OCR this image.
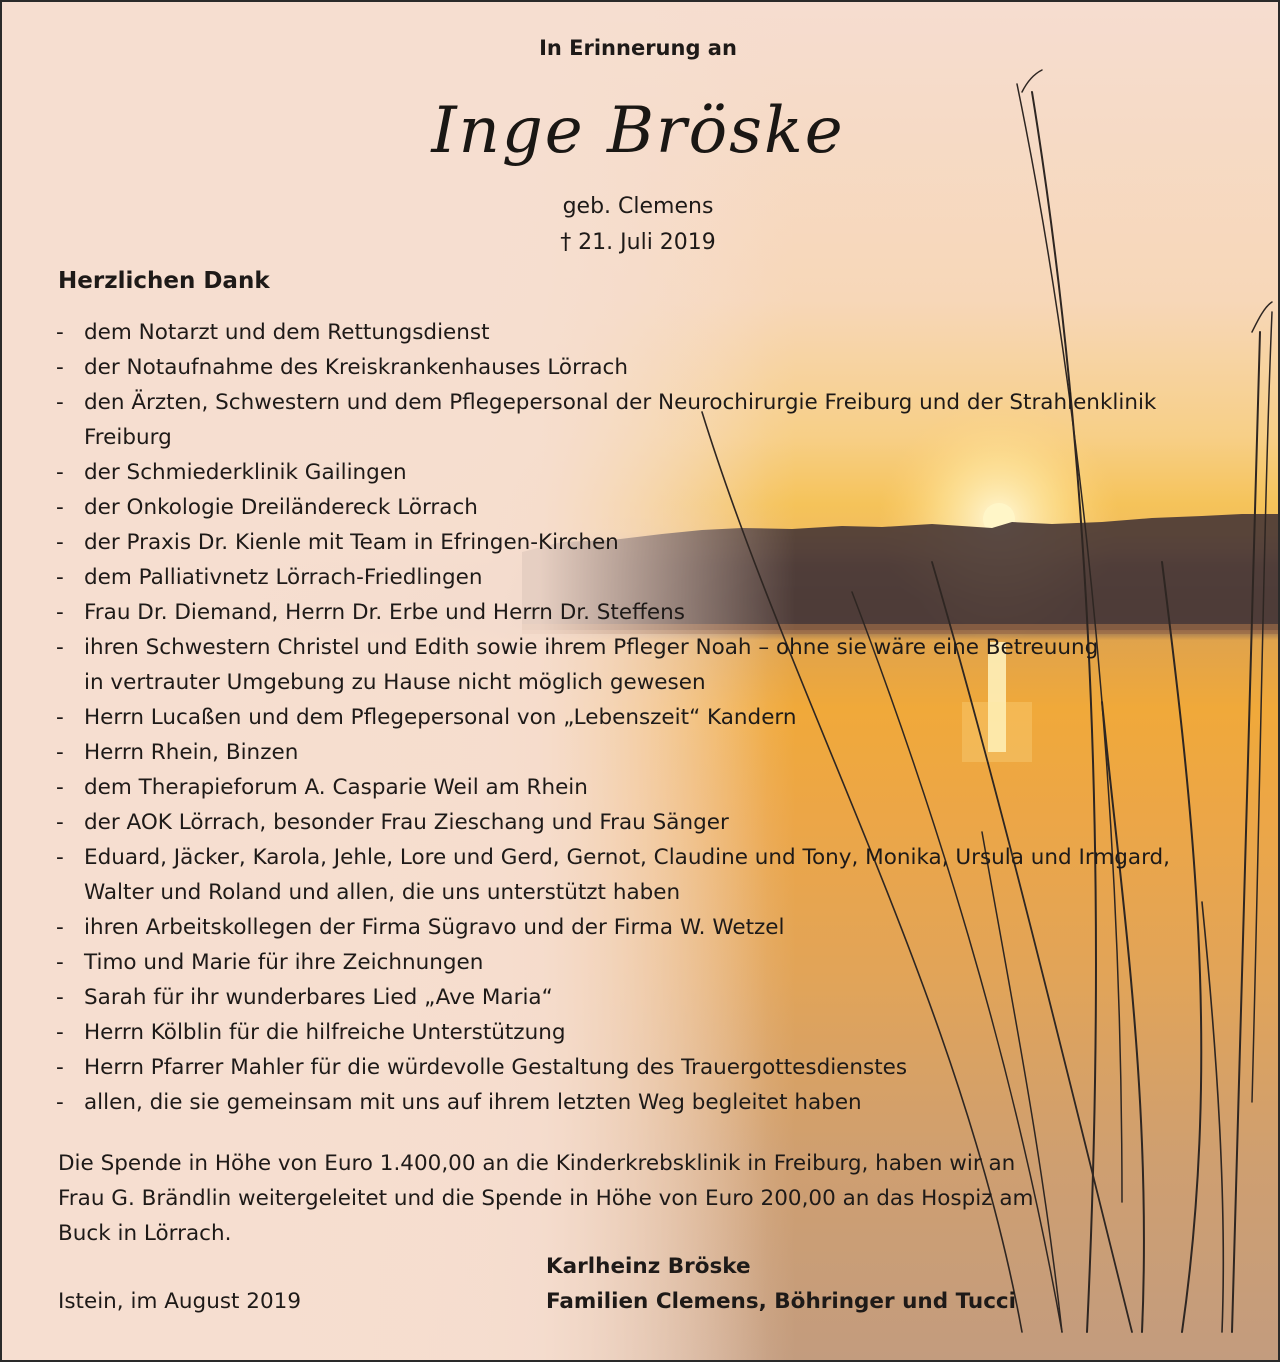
In Erinnerung an
Inge Bröske
geb. Clemens
† 21. Juli 2019
Herzlichen Dank
- dem Notarzt und dem Rettungsdienst
- der Notaufnahme des Kreiskrankenhauses Lörrach
- den Ärzten, Schwestern und dem Pflegepersonal der Neurochirurgie Freiburg und der Strahlenklinik Freiburg
- der Schmiederklinik Gailingen
- der Onkologie Dreiländereck Lörrach
- der Praxis Dr. Kienle mit Team in Efringen-Kirchen
- dem Palliativnetz Lörrach-Friedlingen
- Frau Dr. Diemand, Herrn Dr. Erbe und Herrn Dr. Steffens
- ihren Schwestern Christel und Edith sowie ihrem Pfleger Noah – ohne sie wäre eine Betreuung in vertrauter Umgebung zu Hause nicht möglich gewesen
- Herrn Lucaßen und dem Pflegepersonal von „Lebenszeit“ Kandern
- Herrn Rhein, Binzen
- dem Therapieforum A. Casparie Weil am Rhein
- der AOK Lörrach, besonder Frau Zieschang und Frau Sänger
- Eduard, Jäcker, Karola, Jehle, Lore und Gerd, Gernot, Claudine und Tony, Monika, Ursula und Irmgard, Walter und Roland und allen, die uns unterstützt haben
- ihren Arbeitskollegen der Firma Sügravo und der Firma W. Wetzel
- Timo und Marie für ihre Zeichnungen
- Sarah für ihr wunderbares Lied „Ave Maria“
- Herrn Kölblin für die hilfreiche Unterstützung
- Herrn Pfarrer Mahler für die würdevolle Gestaltung des Trauergottesdienstes
- allen, die sie gemeinsam mit uns auf ihrem letzten Weg begleitet haben
Die Spende in Höhe von Euro 1.400,00 an die Kinderkrebsklinik in Freiburg, haben wir an Frau G. Brändlin weitergeleitet und die Spende in Höhe von Euro 200,00 an das Hospiz am Buck in Lörrach.
Karlheinz Bröske
Istein, im August 2019	Familien Clemens, Böhringer und Tucci
